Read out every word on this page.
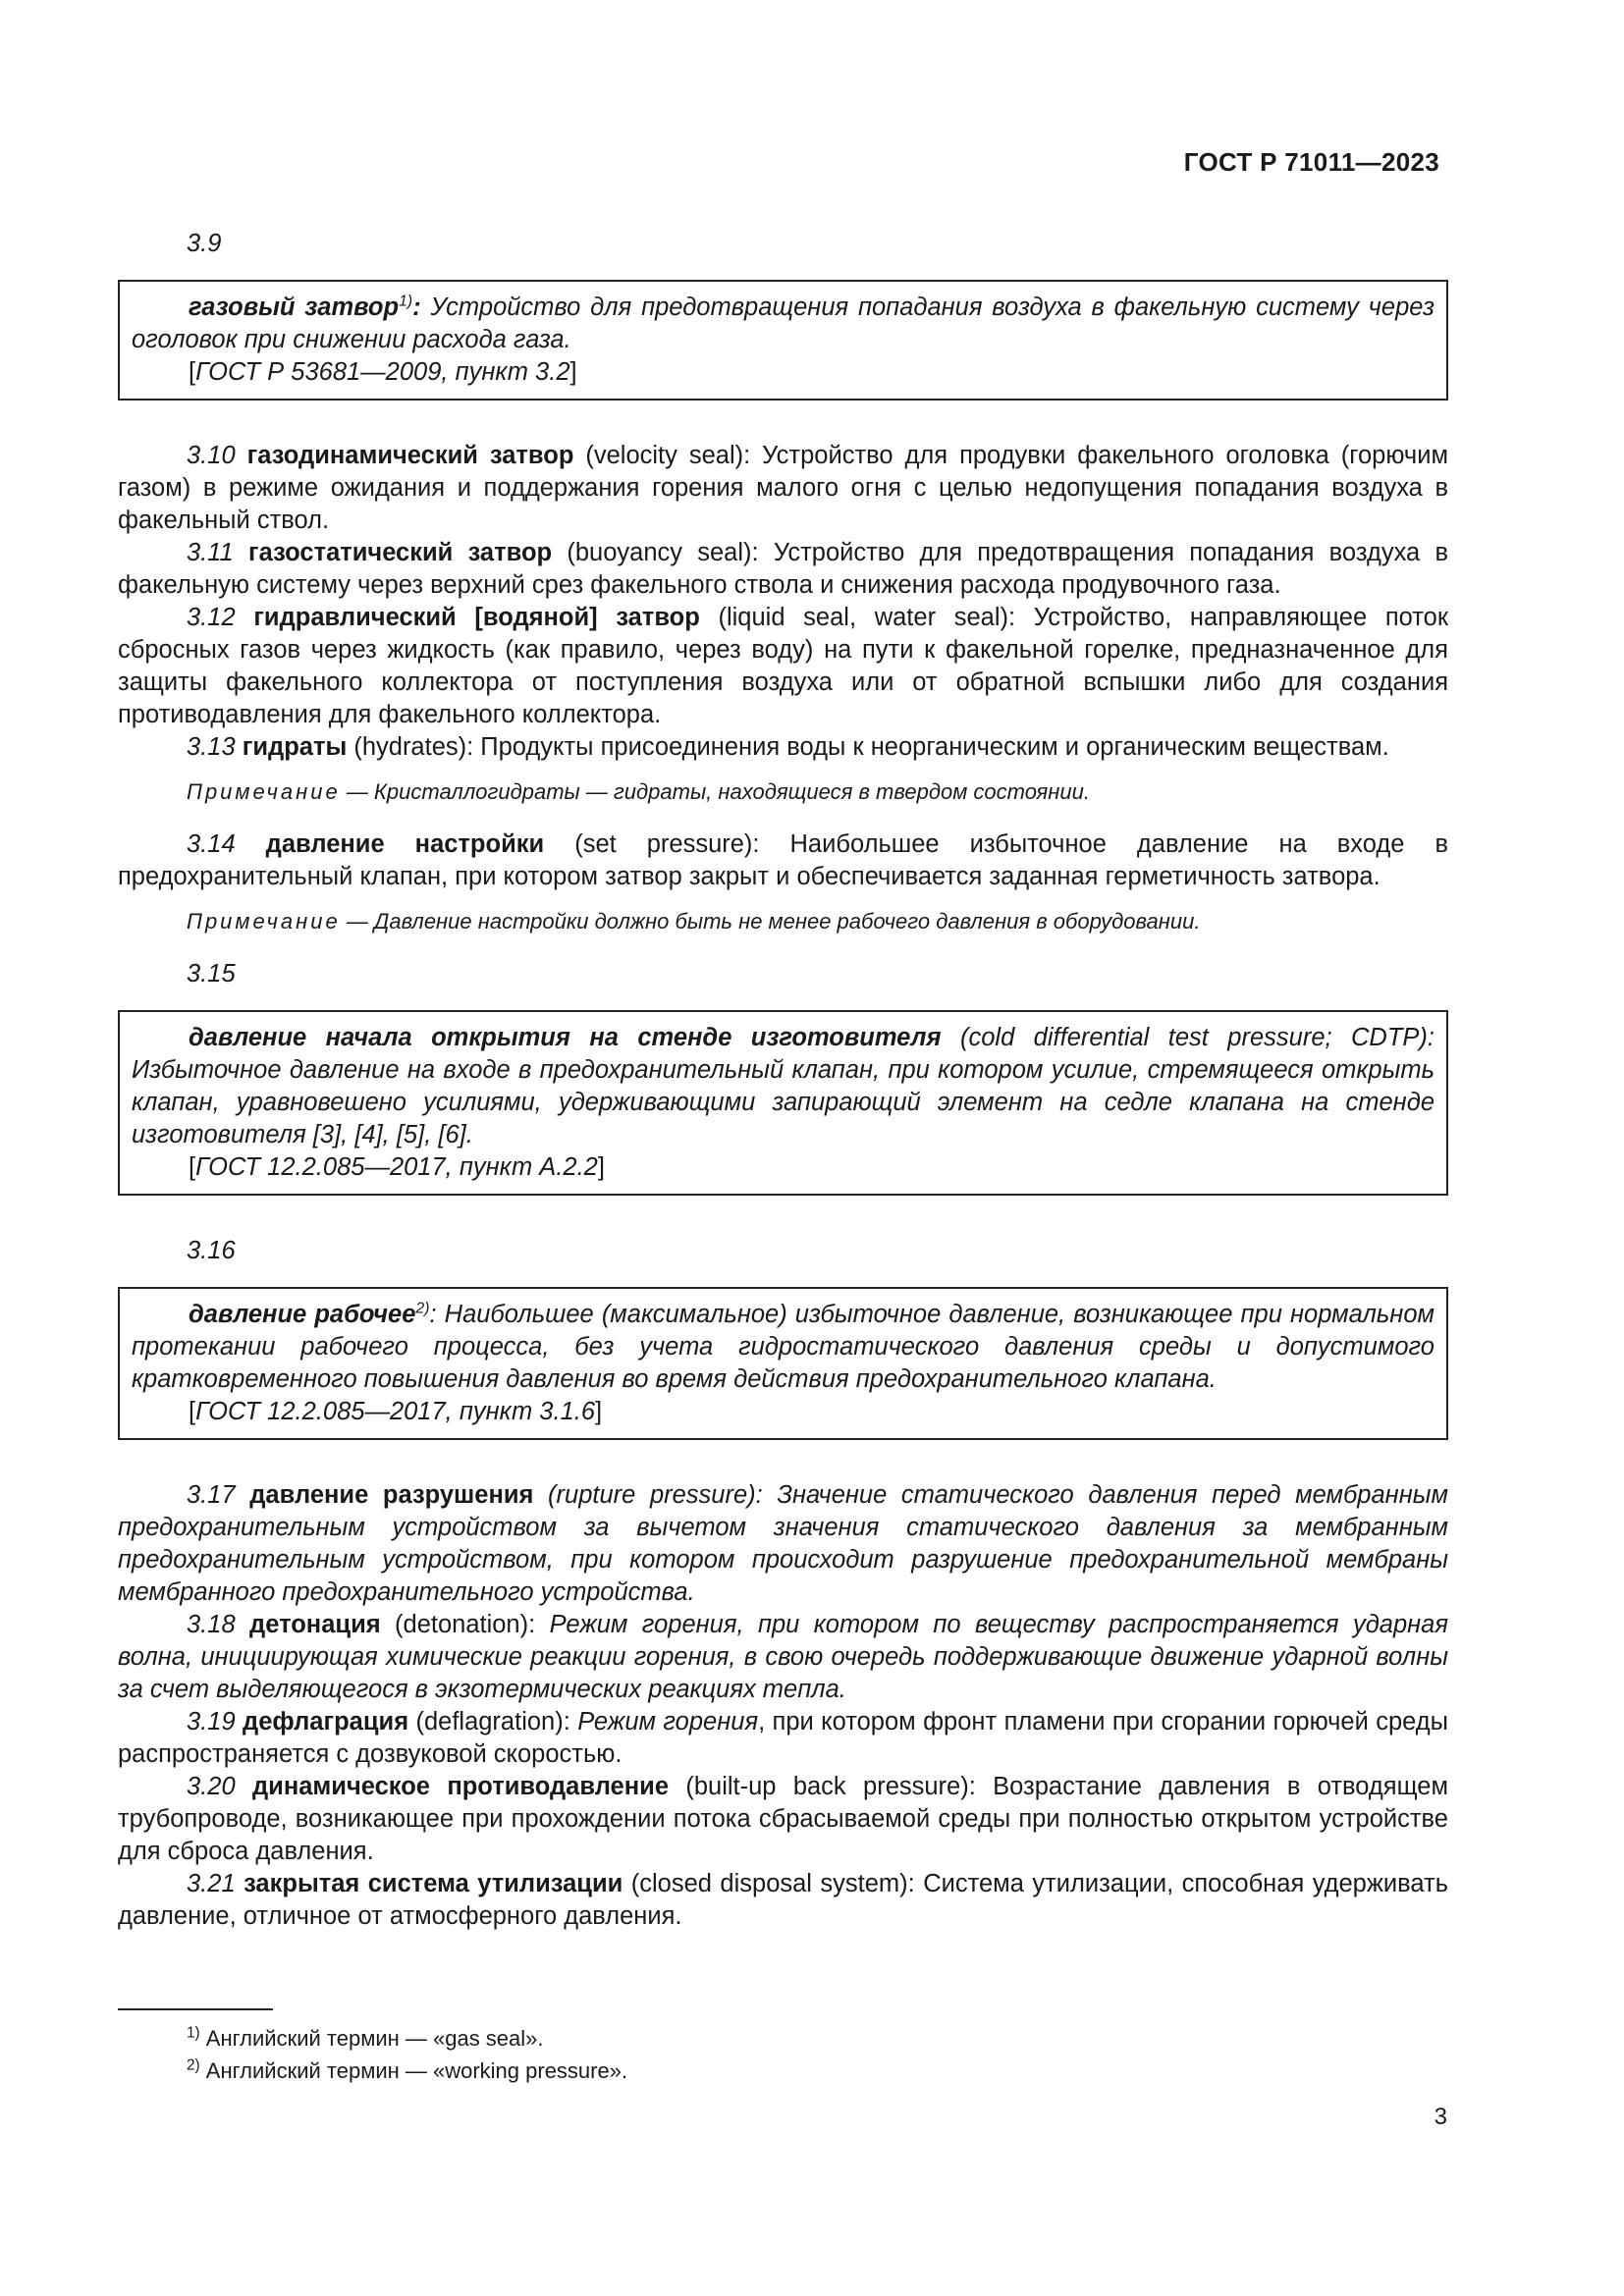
ГОСТ Р 71011—2023
3.9

газовый затвор$^{1)}$: Устройство для предотвращения попадания воздуха в факельную систему через оголовок при снижении расхода газа.

[ГОСТ Р 53681—2009, пункт 3.2]

3.10 газодинамический затвор (velocity seal): Устройство для продувки факельного оголовка (горючим газом) в режиме ожидания и поддержания горения малого огня с целью недопущения попадания воздуха в факельный ствол.

3.11 газостатический затвор (buoyancy seal): Устройство для предотвращения попадания воздуха в факельную систему через верхний срез факельного ствола и снижения расхода продувочного газа.

3.12 гидравлический [водяной] затвор (liquid seal, water seal): Устройство, направляющее поток сбросных газов через жидкость (как правило, через воду) на пути к факельной горелке, предназначенное для защиты факельного коллектора от поступления воздуха или от обратной вспышки либо для создания противодавления для факельного коллектора.

3.13 гидраты (hydrates): Продукты присоединения воды к неорганическим и органическим веществам.

Примечание — Кристаллогидраты — гидраты, находящиеся в твердом состоянии.

3.14 давление настройки (set pressure): Наибольшее избыточное давление на входе в предохранительный клапан, при котором затвор закрыт и обеспечивается заданная герметичность затвора.

Примечание — Давление настройки должно быть не менее рабочего давления в оборудовании.

3.15

давление начала открытия на стенде изготовителя (cold differential test pressure; CDTP): Избыточное давление на входе в предохранительный клапан, при котором усилие, стремящееся открыть клапан, уравновешено усилиями, удерживающими запирающий элемент на седле клапана на стенде изготовителя [3], [4], [5], [6].

[ГОСТ 12.2.085—2017, пункт А.2.2]

3.16

давление рабочее$^{2)}$: Наибольшее (максимальное) избыточное давление, возникающее при нормальном протекании рабочего процесса, без учета гидростатического давления среды и допустимого кратковременного повышения давления во время действия предохранительного клапана.

[ГОСТ 12.2.085—2017, пункт 3.1.6]

3.17 давление разрушения (rupture pressure): Значение статического давления перед мембранным предохранительным устройством за вычетом значения статического давления за мембранным предохранительным устройством, при котором происходит разрушение предохранительной мембраны мембранного предохранительного устройства.

3.18 детонация (detonation): Режим горения, при котором по веществу распространяется ударная волна, инициирующая химические реакции горения, в свою очередь поддерживающие движение ударной волны за счет выделяющегося в экзотермических реакциях тепла.

3.19 дефлаграция (deflagration): Режим горения, при котором фронт пламени при сгорании горючей среды распространяется с дозвуковой скоростью.

3.20 динамическое противодавление (built-up back pressure): Возрастание давления в отводящем трубопроводе, возникающее при прохождении потока сбрасываемой среды при полностью открытом устройстве для сброса давления.

3.21 закрытая система утилизации (closed disposal system): Система утилизации, способная удерживать давление, отличное от атмосферного давления.

$^{1)}$ Английский термин — «gas seal».

$^{2)}$ Английский термин — «working pressure».

3
